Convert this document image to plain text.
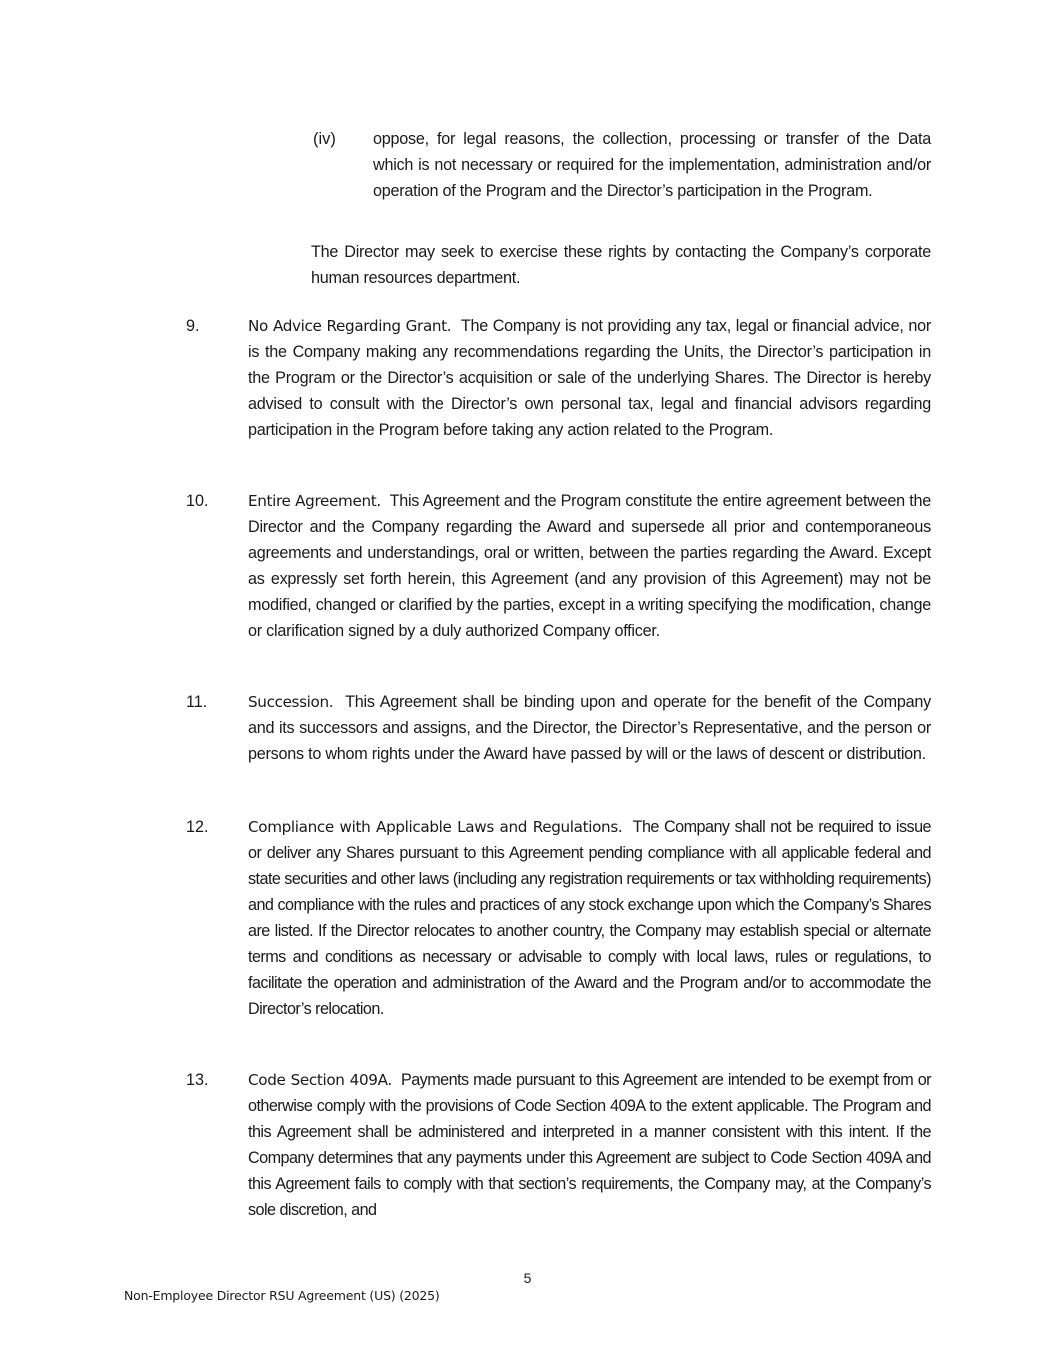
(iv) oppose, for legal reasons, the collection, processing or transfer of the Data which is not necessary or required for the implementation, administration and/or operation of the Program and the Director’s participation in the Program.

The Director may seek to exercise these rights by contacting the Company’s corporate human resources department.

9.	No Advice Regarding Grant. The Company is not providing any tax, legal or financial advice, nor is the Company making any recommendations regarding the Units, the Director’s participation in the Program or the Director’s acquisition or sale of the underlying Shares. The Director is hereby advised to consult with the Director’s own personal tax, legal and financial advisors regarding participation in the Program before taking any action related to the Program.

10.	Entire Agreement. This Agreement and the Program constitute the entire agreement between the Director and the Company regarding the Award and supersede all prior and contemporaneous agreements and understandings, oral or written, between the parties regarding the Award. Except as expressly set forth herein, this Agreement (and any provision of this Agreement) may not be modified, changed or clarified by the parties, except in a writing specifying the modification, change or clarification signed by a duly authorized Company officer.

11.	Succession. This Agreement shall be binding upon and operate for the benefit of the Company and its successors and assigns, and the Director, the Director’s Representative, and the person or persons to whom rights under the Award have passed by will or the laws of descent or distribution.

12.	Compliance with Applicable Laws and Regulations. The Company shall not be required to issue or deliver any Shares pursuant to this Agreement pending compliance with all applicable federal and state securities and other laws (including any registration requirements or tax withholding requirements) and compliance with the rules and practices of any stock exchange upon which the Company’s Shares are listed. If the Director relocates to another country, the Company may establish special or alternate terms and conditions as necessary or advisable to comply with local laws, rules or regulations, to facilitate the operation and administration of the Award and the Program and/or to accommodate the Director’s relocation.

13.	Code Section 409A. Payments made pursuant to this Agreement are intended to be exempt from or otherwise comply with the provisions of Code Section 409A to the extent applicable. The Program and this Agreement shall be administered and interpreted in a manner consistent with this intent. If the Company determines that any payments under this Agreement are subject to Code Section 409A and this Agreement fails to comply with that section’s requirements, the Company may, at the Company’s sole discretion, and

5
Non-Employee Director RSU Agreement (US) (2025)
